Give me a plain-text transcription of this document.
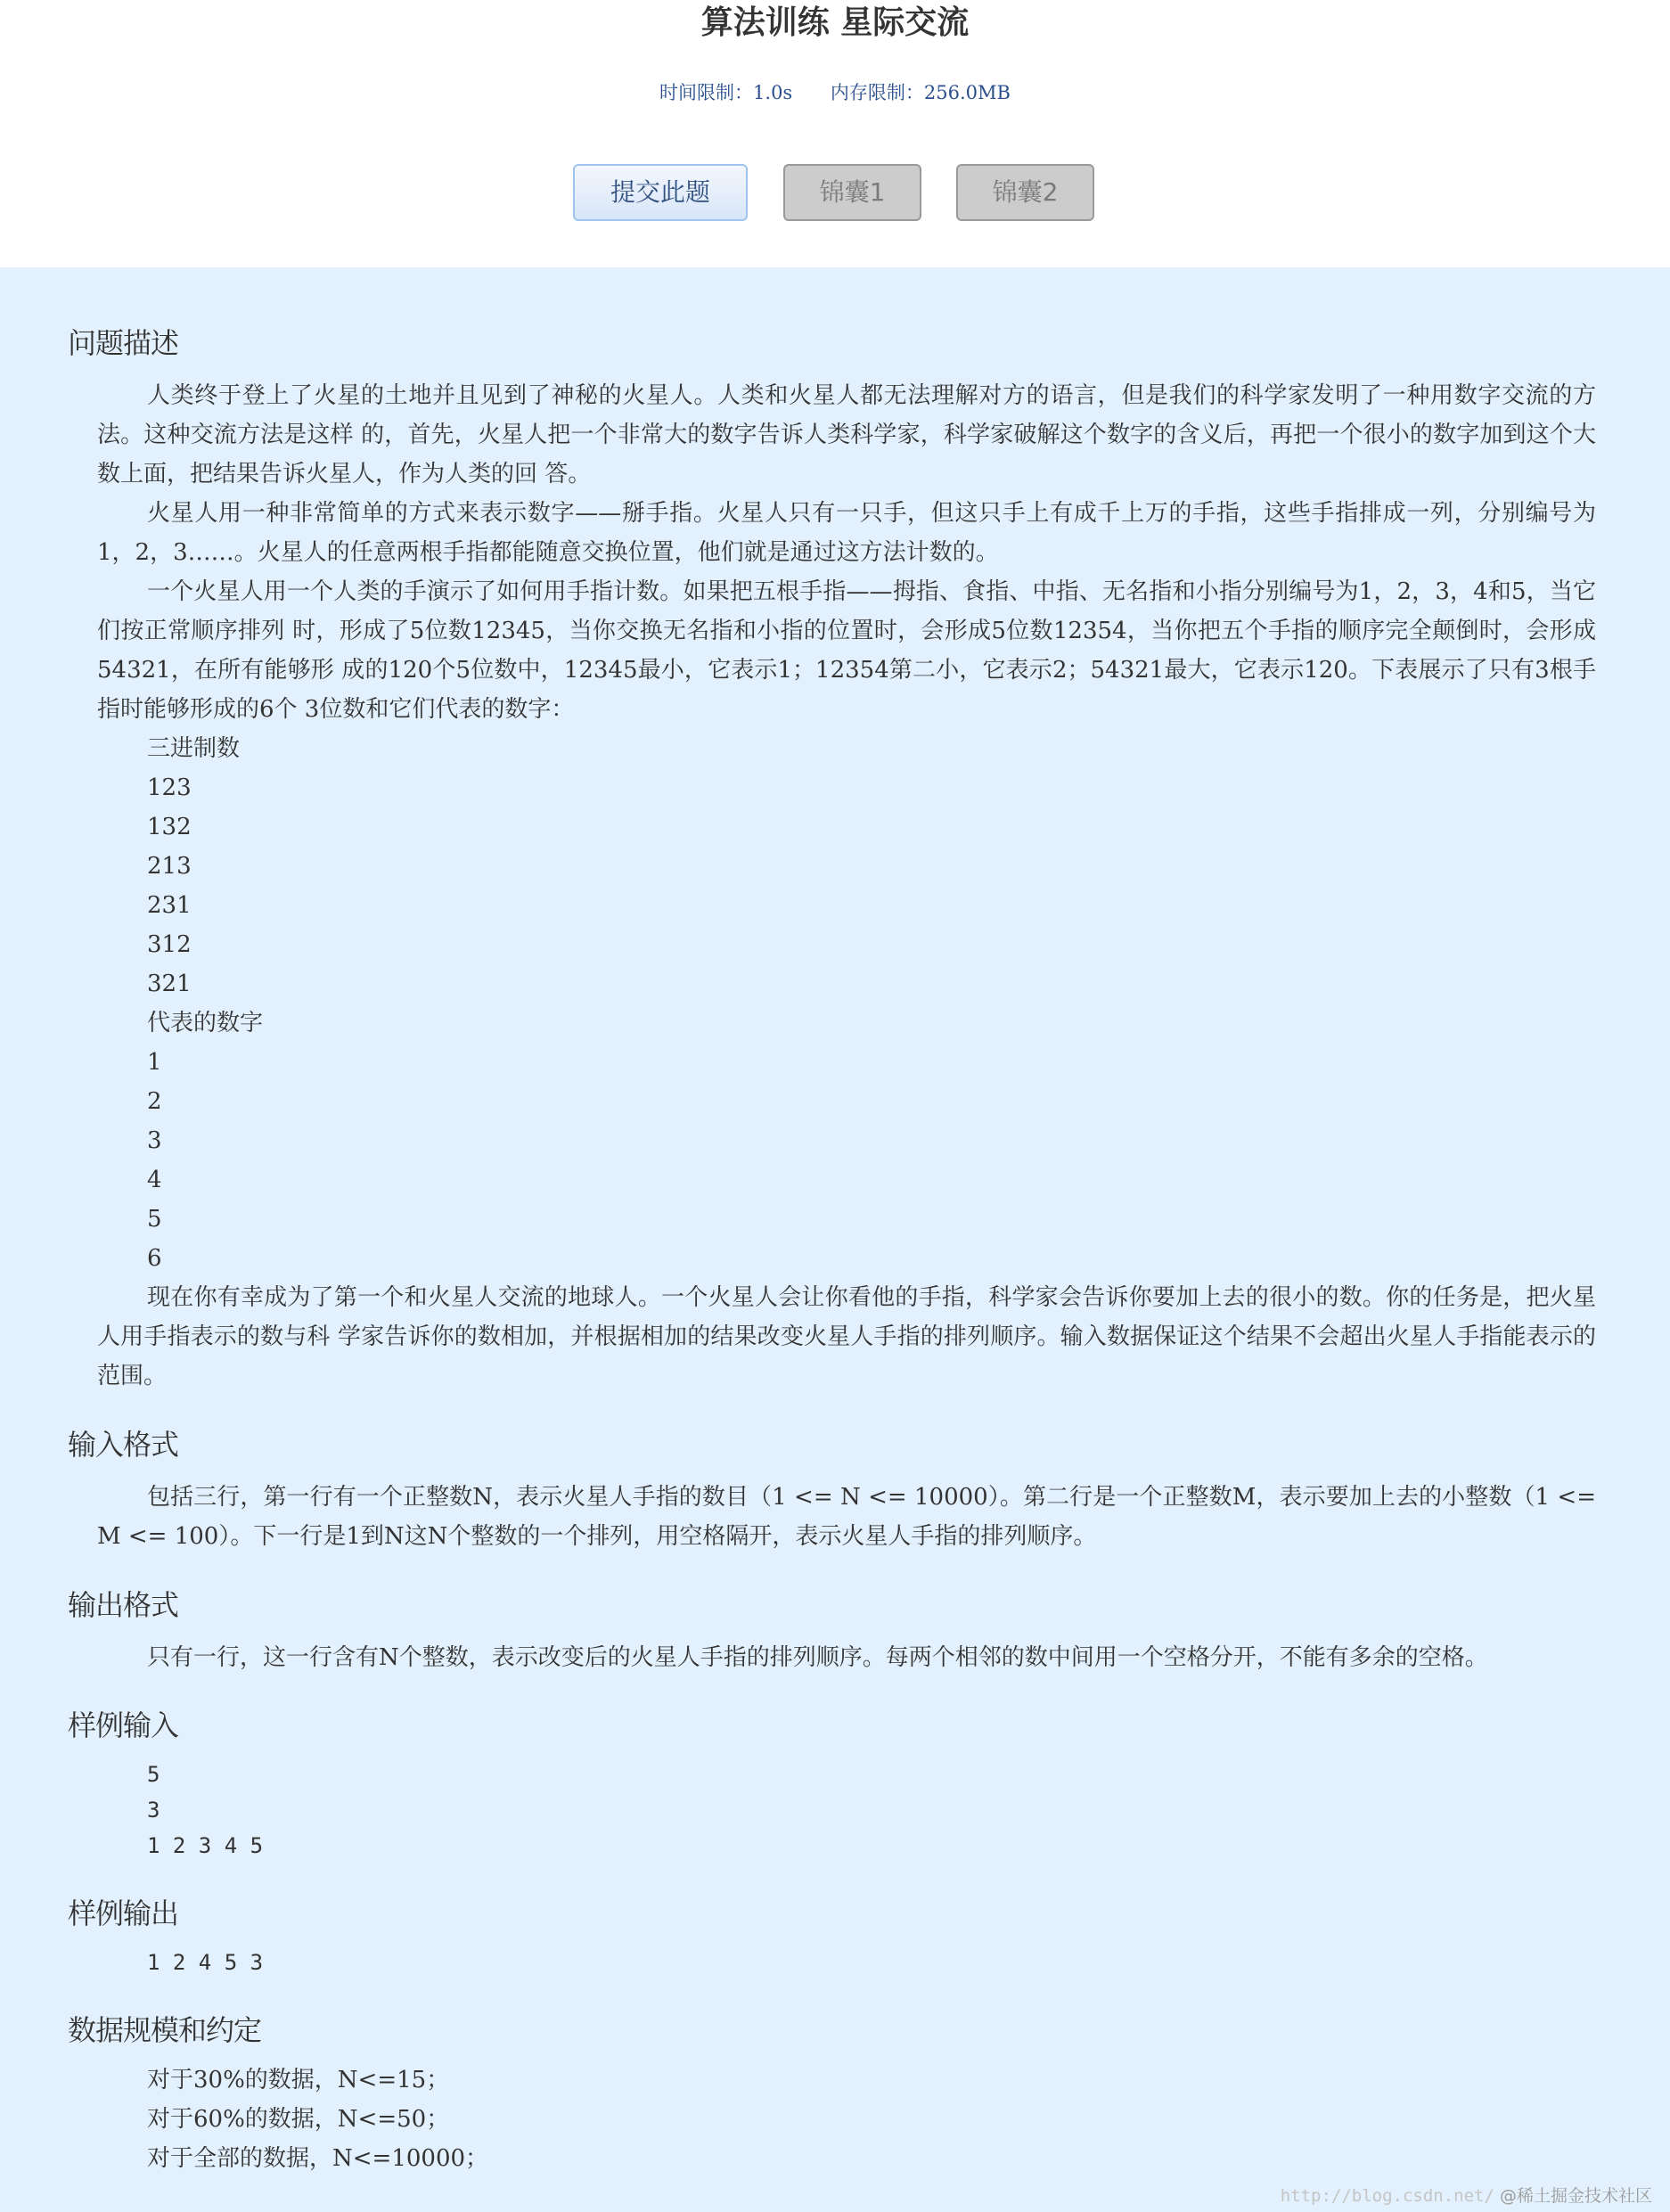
算法训练 星际交流
时间限制：1.0s 内存限制：256.0MB
提交此题	锦囊1	锦囊2
问题描述

人类终于登上了火星的土地并且见到了神秘的火星人。人类和火星人都无法理解对方的语言，但是我们的科学家发明了一种用数字交流的方法。这种交流方法是这样 的，首先，火星人把一个非常大的数字告诉人类科学家，科学家破解这个数字的含义后，再把一个很小的数字加到这个大数上面，把结果告诉火星人，作为人类的回 答。

火星人用一种非常简单的方式来表示数字——掰手指。火星人只有一只手，但这只手上有成千上万的手指，这些手指排成一列，分别编号为1，2，3……。火星人的任意两根手指都能随意交换位置，他们就是通过这方法计数的。

一个火星人用一个人类的手演示了如何用手指计数。如果把五根手指——拇指、食指、中指、无名指和小指分别编号为1，2，3，4和5，当它们按正常顺序排列 时，形成了5位数12345，当你交换无名指和小指的位置时，会形成5位数12354，当你把五个手指的顺序完全颠倒时，会形成54321，在所有能够形 成的120个5位数中，12345最小，它表示1；12354第二小，它表示2；54321最大，它表示120。下表展示了只有3根手指时能够形成的6个 3位数和它们代表的数字：

三进制数
123
132
213
231
312
321
代表的数字
1
2
3
4
5
6

现在你有幸成为了第一个和火星人交流的地球人。一个火星人会让你看他的手指，科学家会告诉你要加上去的很小的数。你的任务是，把火星人用手指表示的数与科 学家告诉你的数相加，并根据相加的结果改变火星人手指的排列顺序。输入数据保证这个结果不会超出火星人手指能表示的范围。

输入格式

包括三行，第一行有一个正整数N，表示火星人手指的数目（1 <= N <= 10000）。第二行是一个正整数M，表示要加上去的小整数（1 <= M <= 100）。下一行是1到N这N个整数的一个排列，用空格隔开，表示火星人手指的排列顺序。

输出格式

只有一行，这一行含有N个整数，表示改变后的火星人手指的排列顺序。每两个相邻的数中间用一个空格分开，不能有多余的空格。

样例输入
5
3
1 2 3 4 5
样例输出
1 2 4 5 3
数据规模和约定
对于30%的数据，N<=15；
对于60%的数据，N<=50；
对于全部的数据，N<=10000；
http://blog.csdn.net/ @稀土掘金技术社区
